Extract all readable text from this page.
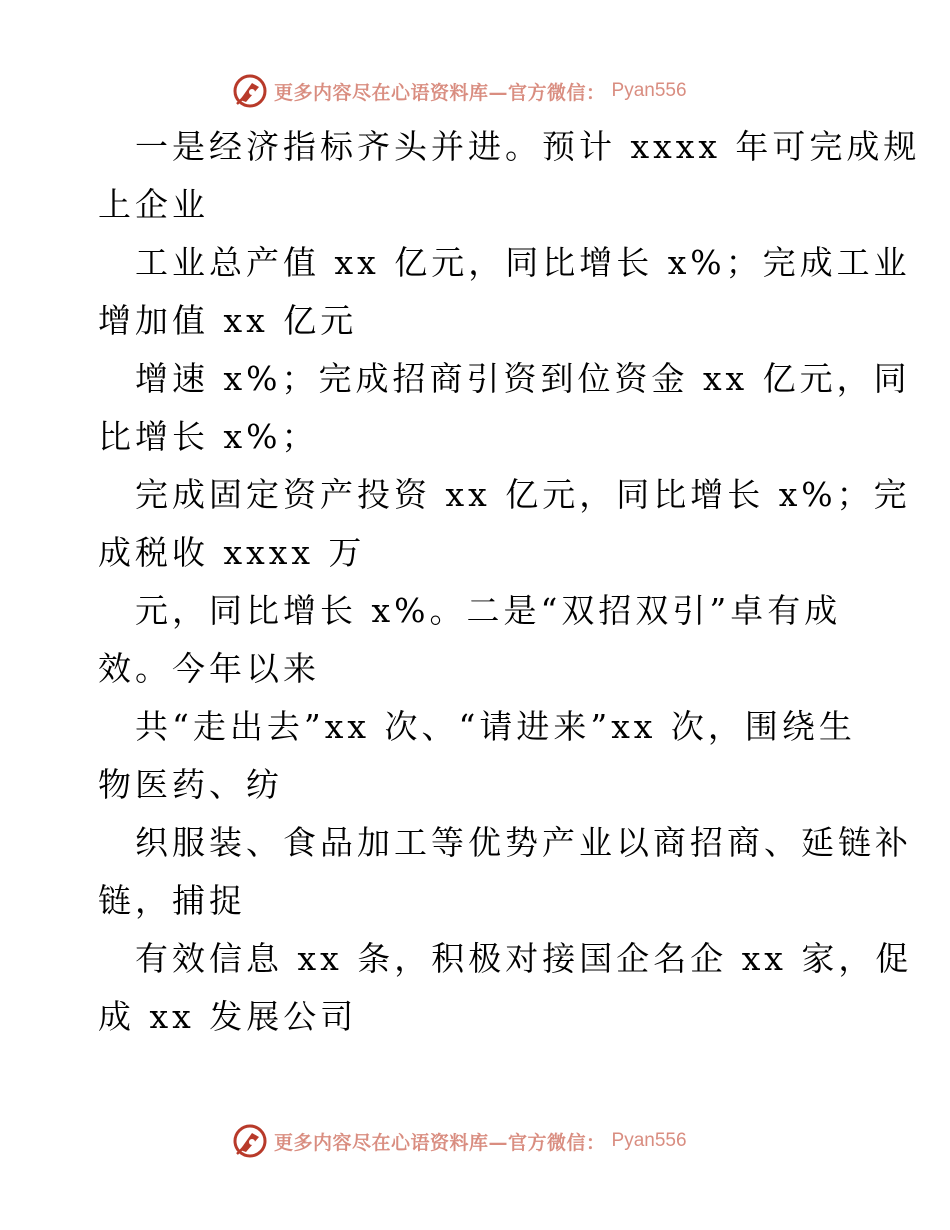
更多内容尽在心语资料库—官方微信： Pyan556
一是经济指标齐头并进。预计 xxxx 年可完成规
上企业
工业总产值 xx 亿元，同比增长 x%；完成工业
增加值 xx 亿元
增速 x%；完成招商引资到位资金 xx 亿元，同
比增长 x%；
完成固定资产投资 xx 亿元，同比增长 x%；完
成税收 xxxx 万
元，同比增长 x%。二是“双招双引”卓有成
效。今年以来
共“走出去”xx 次、“请进来”xx 次，围绕生
物医药、纺
织服装、食品加工等优势产业以商招商、延链补
链，捕捉
有效信息 xx 条，积极对接国企名企 xx 家，促
成 xx 发展公司
更多内容尽在心语资料库—官方微信： Pyan556
